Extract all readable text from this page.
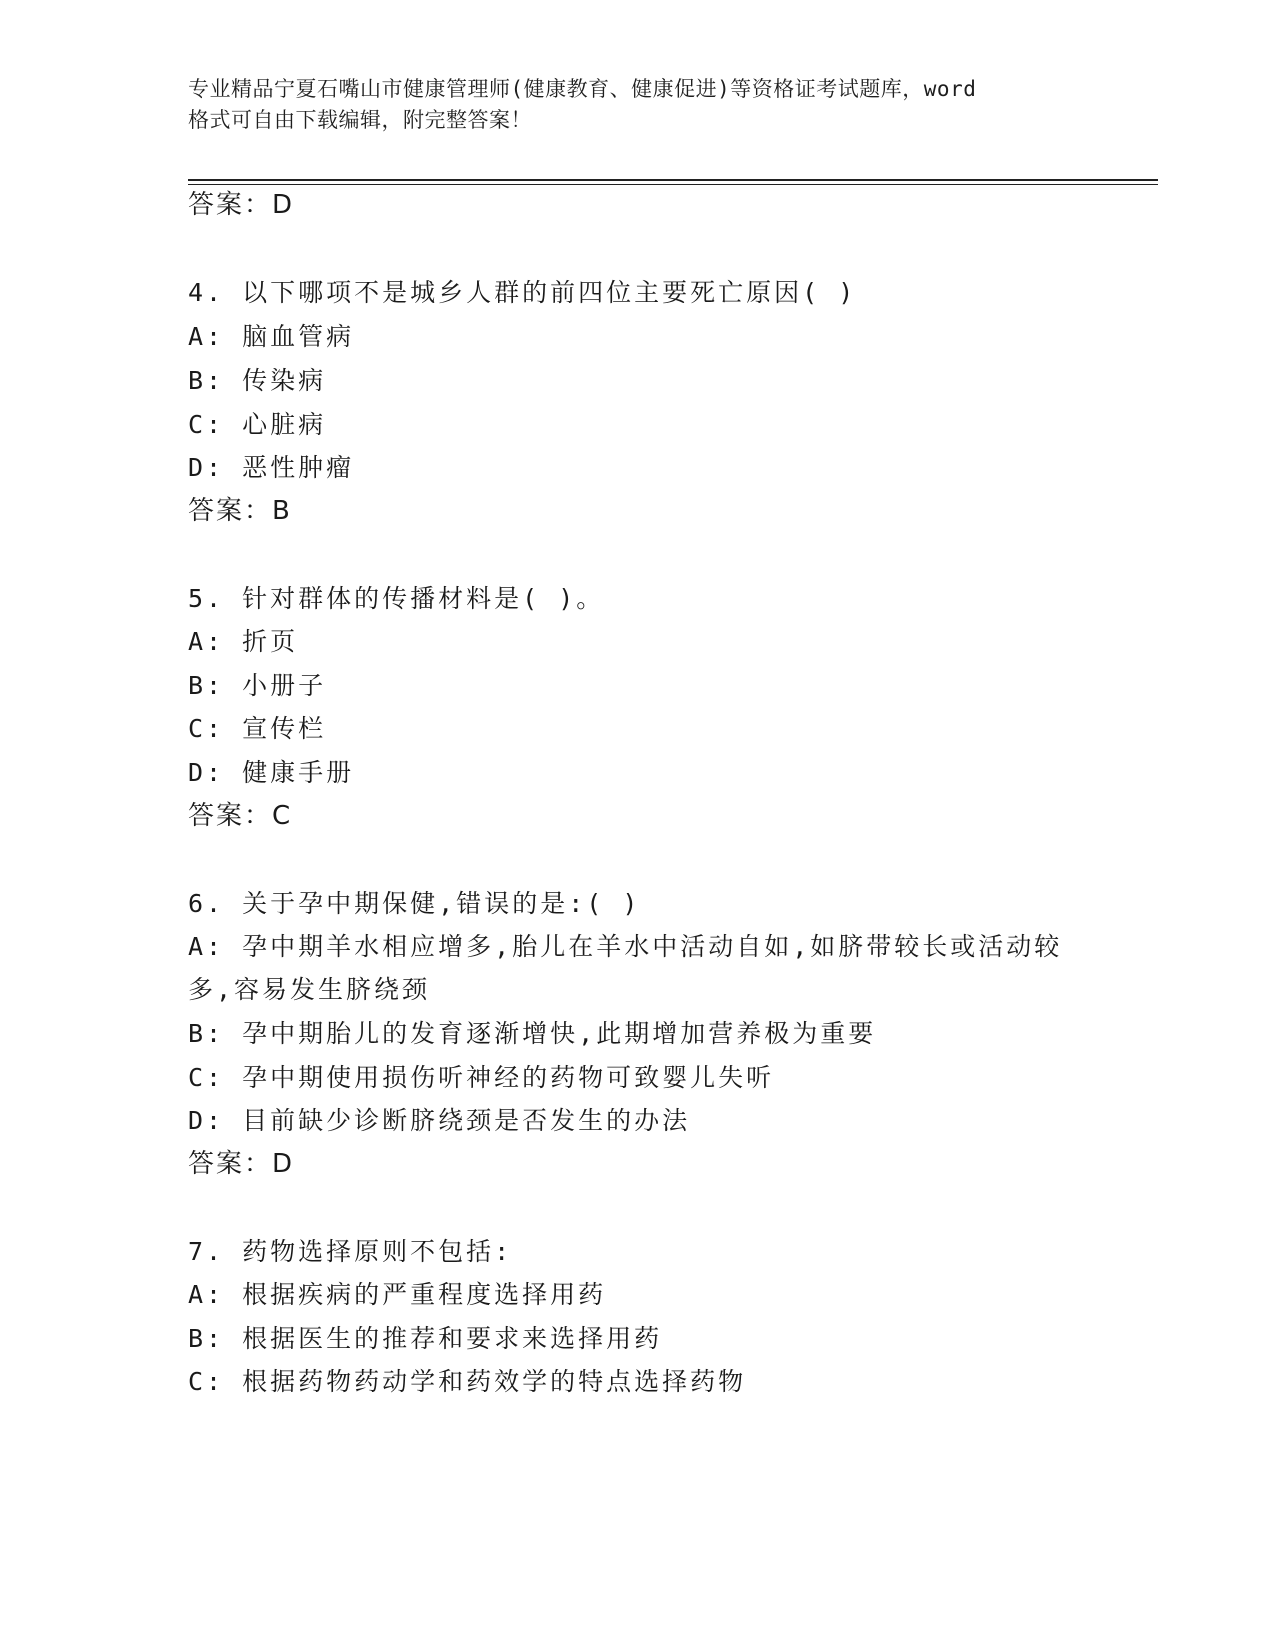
专业精品宁夏石嘴山市健康管理师(健康教育、健康促进)等资格证考试题库，word
格式可自由下载编辑，附完整答案！
答案：D
4. 以下哪项不是城乡人群的前四位主要死亡原因( )
A: 脑血管病
B: 传染病
C: 心脏病
D: 恶性肿瘤
答案：B
5. 针对群体的传播材料是( )。
A: 折页
B: 小册子
C: 宣传栏
D: 健康手册
答案：C
6. 关于孕中期保健,错误的是:( )
A: 孕中期羊水相应增多,胎儿在羊水中活动自如,如脐带较长或活动较
多,容易发生脐绕颈
B: 孕中期胎儿的发育逐渐增快,此期增加营养极为重要
C: 孕中期使用损伤听神经的药物可致婴儿失听
D: 目前缺少诊断脐绕颈是否发生的办法
答案：D
7. 药物选择原则不包括:
A: 根据疾病的严重程度选择用药
B: 根据医生的推荐和要求来选择用药
C: 根据药物药动学和药效学的特点选择药物
